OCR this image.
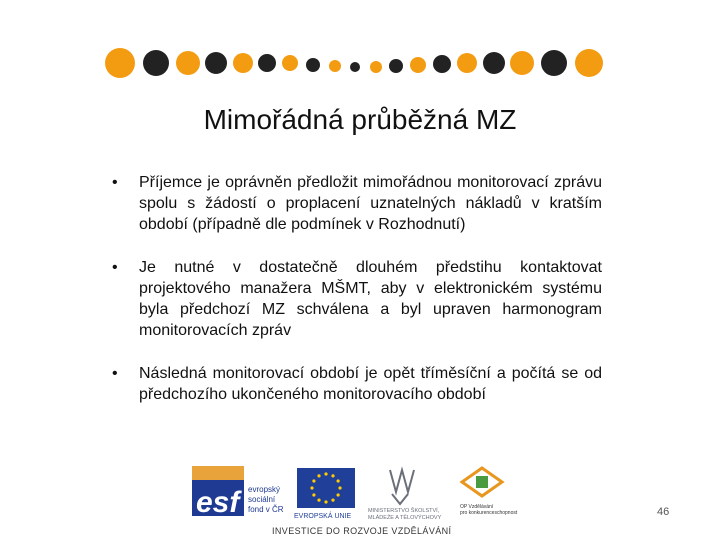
Mimořádná průběžná MZ
• Příjemce je oprávněn předložit mimořádnou monitorovací zprávu spolu s žádostí o proplacení uznatelných nákladů v kratším období (případně dle podmínek v Rozhodnutí)
• Je nutné v dostatečně dlouhém předstihu kontaktovat projektového manažera MŠMT, aby v elektronickém systému byla předchozí MZ schválena a byl upraven harmonogram monitorovacích zpráv
• Následná monitorovací období je opět tříměsíční a počítá se od předchozího ukončeného monitorovacího období
esf	evropský
sociální
fond v ČR
EVROPSKÁ UNIE
MINISTERSTVO ŠKOLSTVÍ,
MLÁDEŽE A TĚLOVÝCHOVY
OP Vzdělávání
pro konkurenceschopnost
INVESTICE DO ROZVOJE VZDĚLÁVÁNÍ
46
